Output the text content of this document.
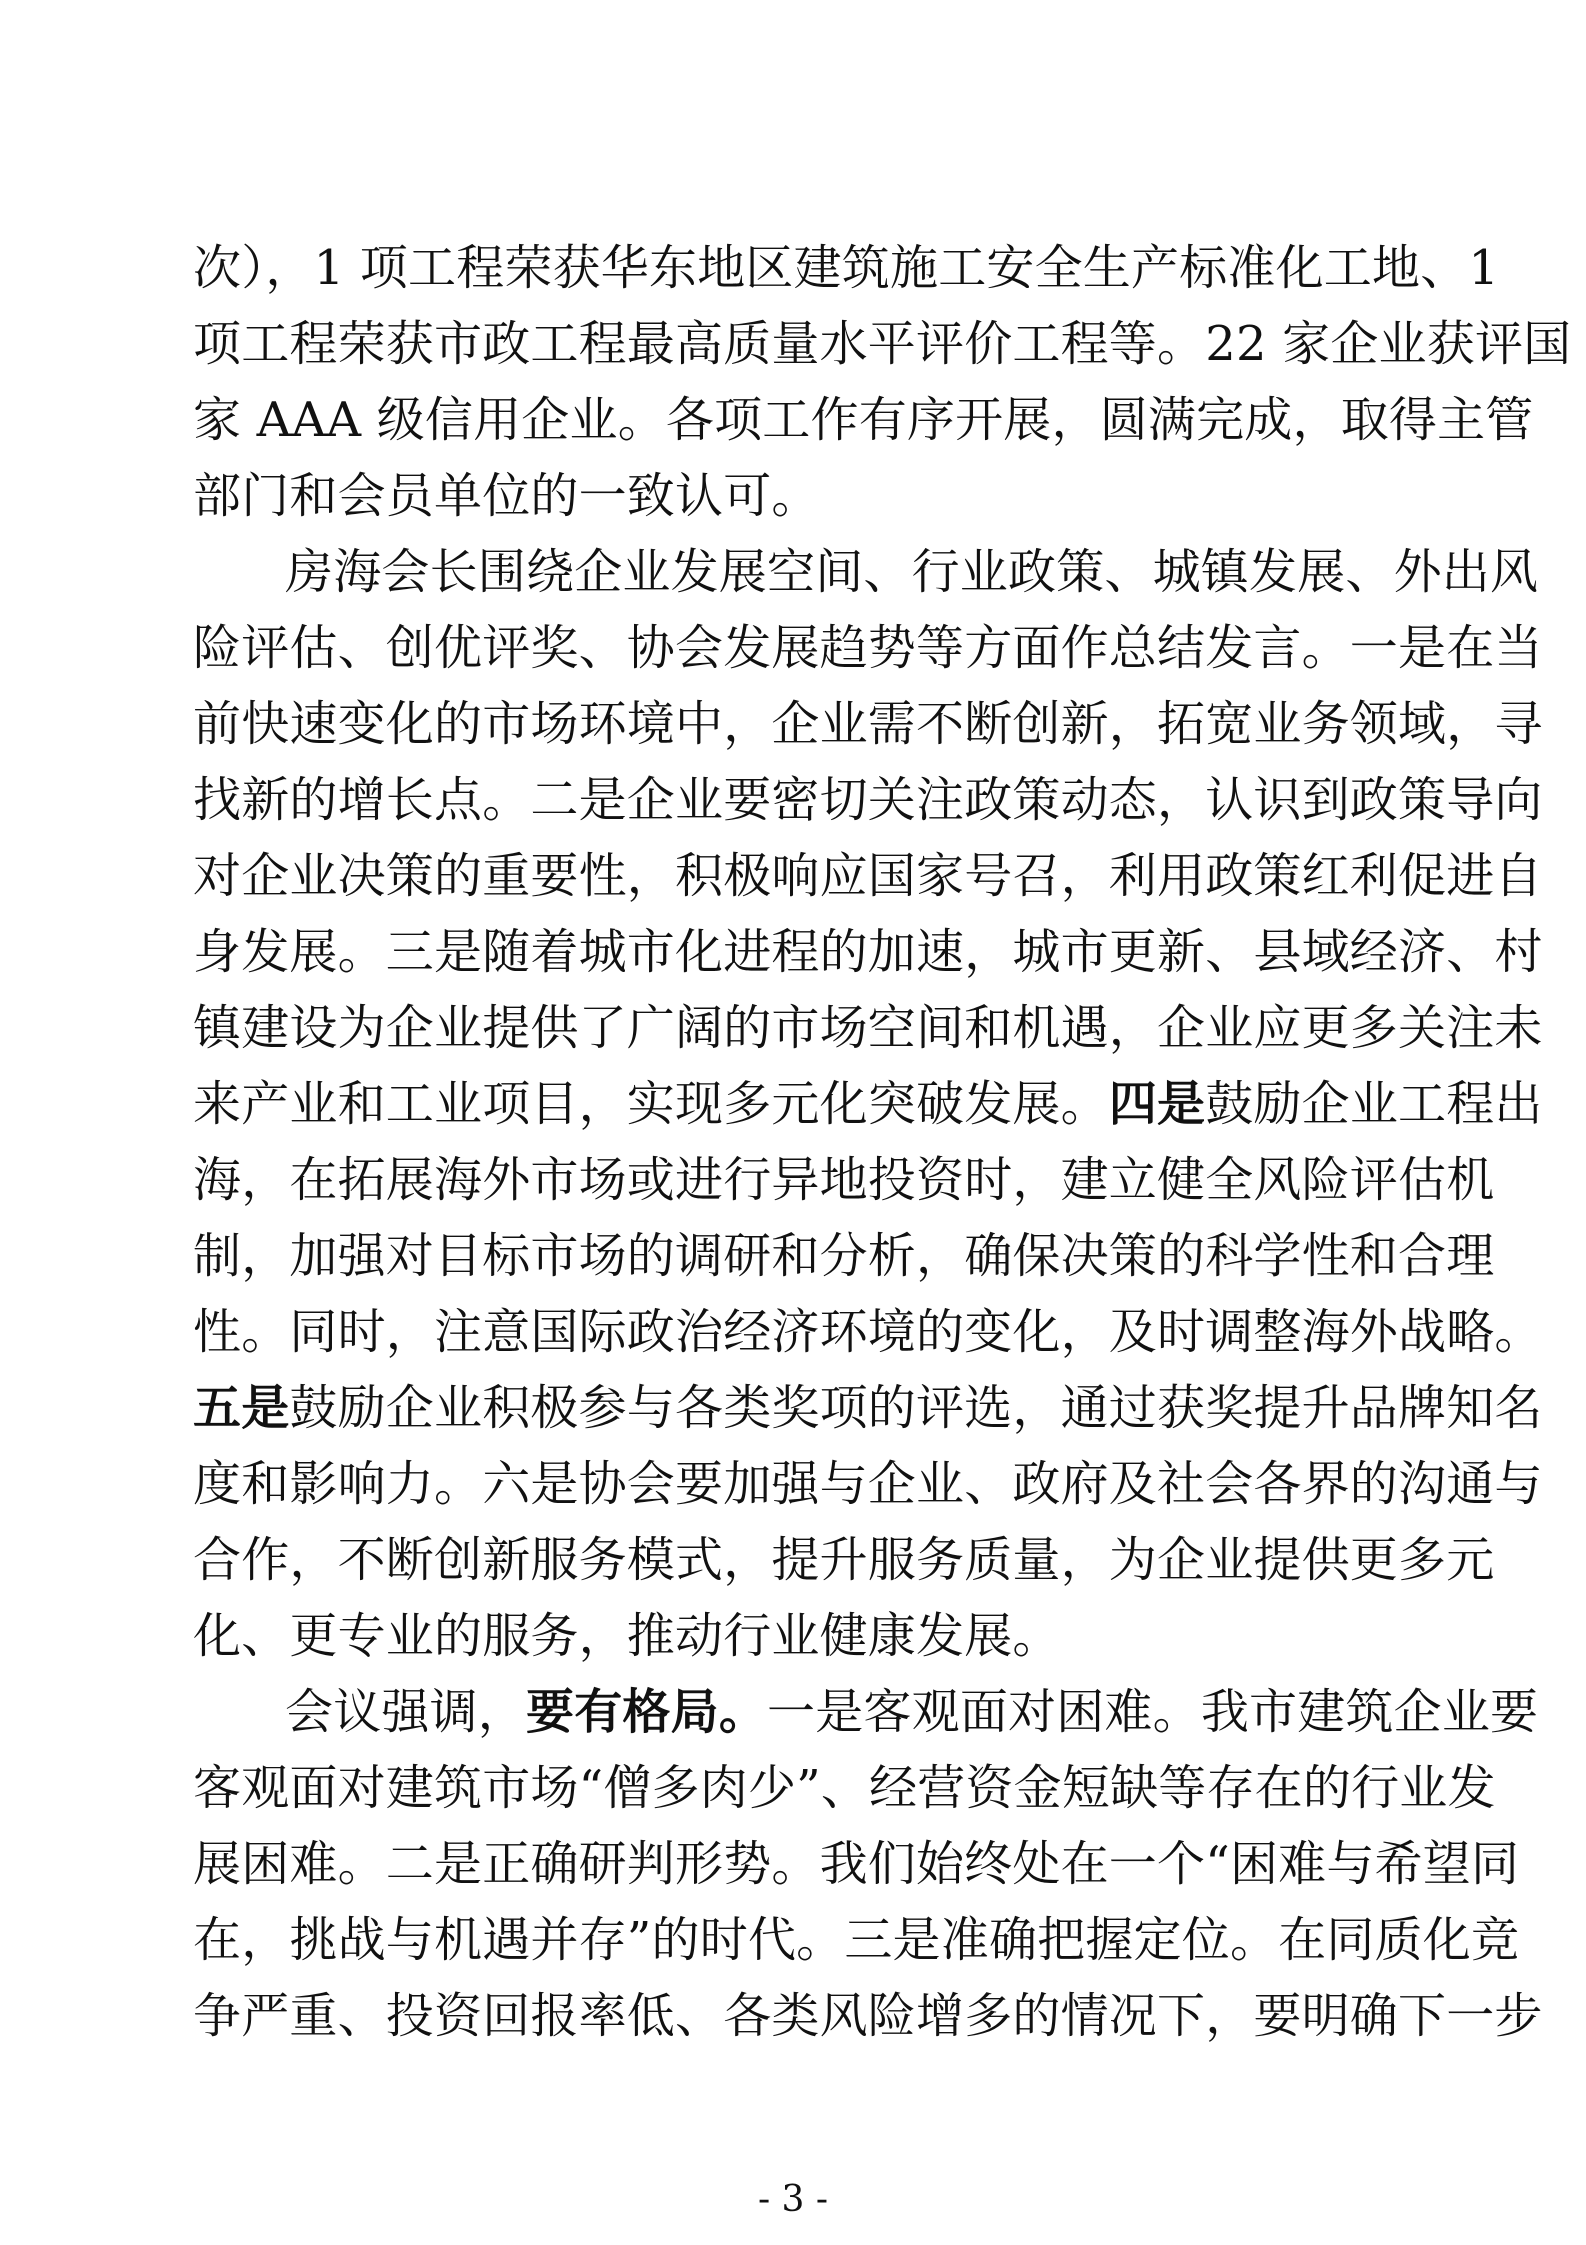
次），1 项工程荣获华东地区建筑施工安全生产标准化工地、1
项工程荣获市政工程最高质量水平评价工程等。22 家企业获评国
家 AAA 级信用企业。各项工作有序开展，圆满完成，取得主管
部门和会员单位的一致认可。
房海会长围绕企业发展空间、行业政策、城镇发展、外出风
险评估、创优评奖、协会发展趋势等方面作总结发言。一是在当
前快速变化的市场环境中，企业需不断创新，拓宽业务领域，寻
找新的增长点。二是企业要密切关注政策动态，认识到政策导向
对企业决策的重要性，积极响应国家号召，利用政策红利促进自
身发展。三是随着城市化进程的加速，城市更新、县域经济、村
镇建设为企业提供了广阔的市场空间和机遇，企业应更多关注未
来产业和工业项目，实现多元化突破发展。四是鼓励企业工程出
海，在拓展海外市场或进行异地投资时，建立健全风险评估机
制，加强对目标市场的调研和分析，确保决策的科学性和合理
性。同时，注意国际政治经济环境的变化，及时调整海外战略。
五是鼓励企业积极参与各类奖项的评选，通过获奖提升品牌知名
度和影响力。六是协会要加强与企业、政府及社会各界的沟通与
合作，不断创新服务模式，提升服务质量，为企业提供更多元
化、更专业的服务，推动行业健康发展。
会议强调，要有格局。一是客观面对困难。我市建筑企业要
客观面对建筑市场“僧多肉少”、经营资金短缺等存在的行业发
展困难。二是正确研判形势。我们始终处在一个“困难与希望同
在，挑战与机遇并存”的时代。三是准确把握定位。在同质化竞
争严重、投资回报率低、各类风险增多的情况下，要明确下一步
- 3 -
